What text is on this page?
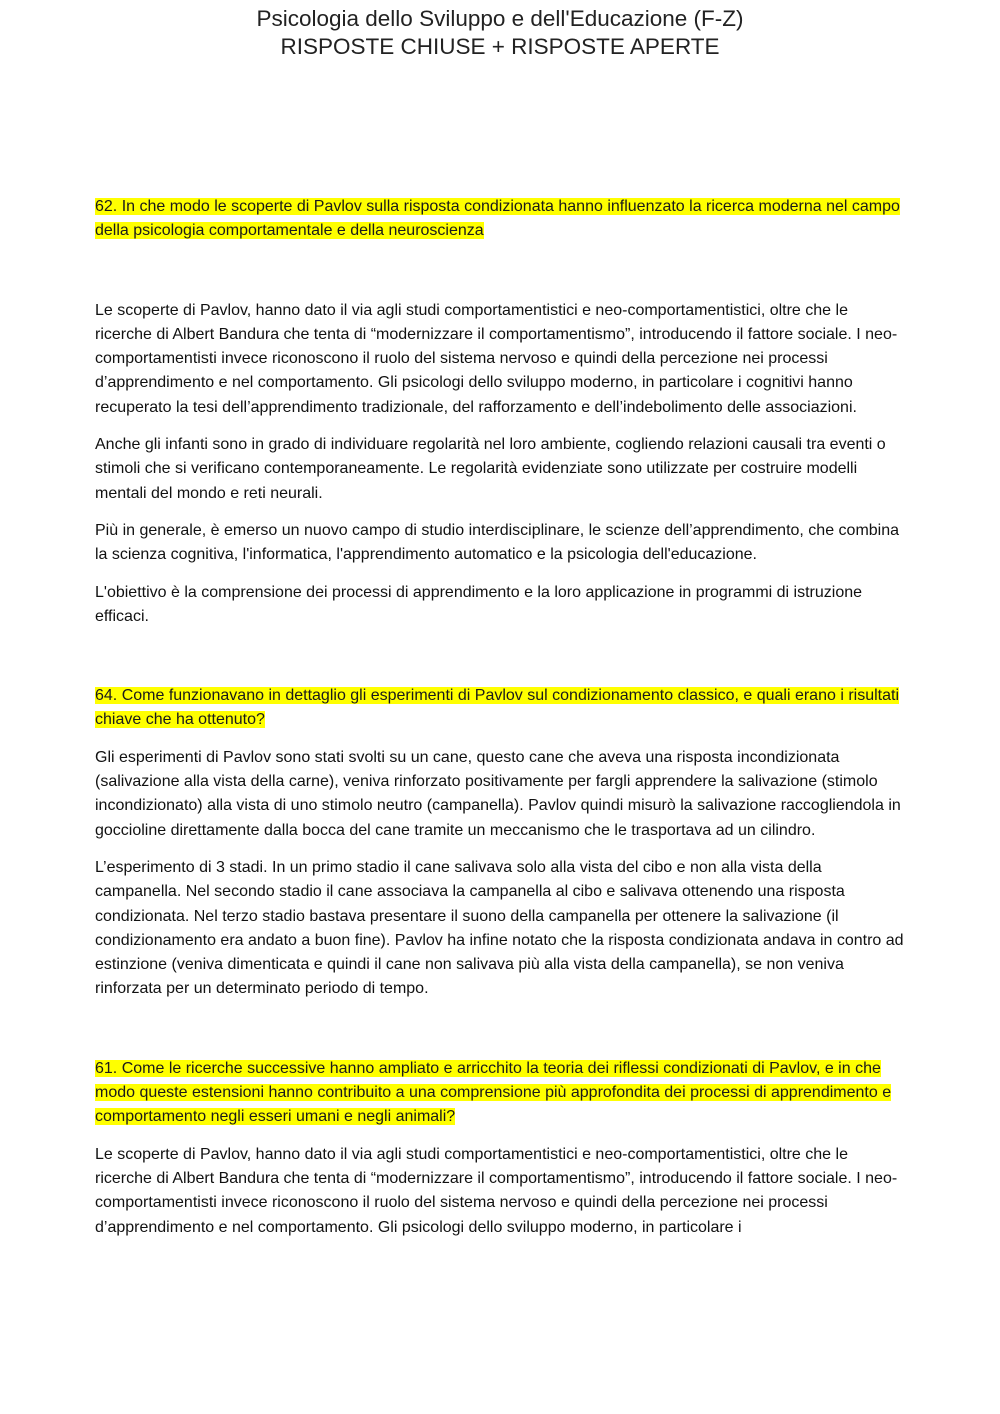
Psicologia dello Sviluppo e dell'Educazione (F-Z)
RISPOSTE CHIUSE + RISPOSTE APERTE

62. In che modo le scoperte di Pavlov sulla risposta condizionata hanno influenzato la ricerca moderna nel campo della psicologia comportamentale e della neuroscienza

Le scoperte di Pavlov, hanno dato il via agli studi comportamentistici e neo-comportamentistici, oltre che le ricerche di Albert Bandura che tenta di “modernizzare il comportamentismo”, introducendo il fattore sociale. I neo-comportamentisti invece riconoscono il ruolo del sistema nervoso e quindi della percezione nei processi d’apprendimento e nel comportamento. Gli psicologi dello sviluppo moderno, in particolare i cognitivi hanno recuperato la tesi dell’apprendimento tradizionale, del rafforzamento e dell’indebolimento delle associazioni.

Anche gli infanti sono in grado di individuare regolarità nel loro ambiente, cogliendo relazioni causali tra eventi o stimoli che si verificano contemporaneamente. Le regolarità evidenziate sono utilizzate per costruire modelli mentali del mondo e reti neurali.

Più in generale, è emerso un nuovo campo di studio interdisciplinare, le scienze dell’apprendimento, che combina la scienza cognitiva, l'informatica, l'apprendimento automatico e la psicologia dell'educazione.

L'obiettivo è la comprensione dei processi di apprendimento e la loro applicazione in programmi di istruzione efficaci.

64. Come funzionavano in dettaglio gli esperimenti di Pavlov sul condizionamento classico, e quali erano i risultati chiave che ha ottenuto?

Gli esperimenti di Pavlov sono stati svolti su un cane, questo cane che aveva una risposta incondizionata (salivazione alla vista della carne), veniva rinforzato positivamente per fargli apprendere la salivazione (stimolo incondizionato) alla vista di uno stimolo neutro (campanella). Pavlov quindi misurò la salivazione raccogliendola in goccioline direttamente dalla bocca del cane tramite un meccanismo che le trasportava ad un cilindro.

L’esperimento di 3 stadi. In un primo stadio il cane salivava solo alla vista del cibo e non alla vista della campanella. Nel secondo stadio il cane associava la campanella al cibo e salivava ottenendo una risposta condizionata. Nel terzo stadio bastava presentare il suono della campanella per ottenere la salivazione (il condizionamento era andato a buon fine). Pavlov ha infine notato che la risposta condizionata andava in contro ad estinzione (veniva dimenticata e quindi il cane non salivava più alla vista della campanella), se non veniva rinforzata per un determinato periodo di tempo.

61. Come le ricerche successive hanno ampliato e arricchito la teoria dei riflessi condizionati di Pavlov, e in che modo queste estensioni hanno contribuito a una comprensione più approfondita dei processi di apprendimento e comportamento negli esseri umani e negli animali?

Le scoperte di Pavlov, hanno dato il via agli studi comportamentistici e neo-comportamentistici, oltre che le ricerche di Albert Bandura che tenta di “modernizzare il comportamentismo”, introducendo il fattore sociale. I neo-comportamentisti invece riconoscono il ruolo del sistema nervoso e quindi della percezione nei processi d’apprendimento e nel comportamento. Gli psicologi dello sviluppo moderno, in particolare i
